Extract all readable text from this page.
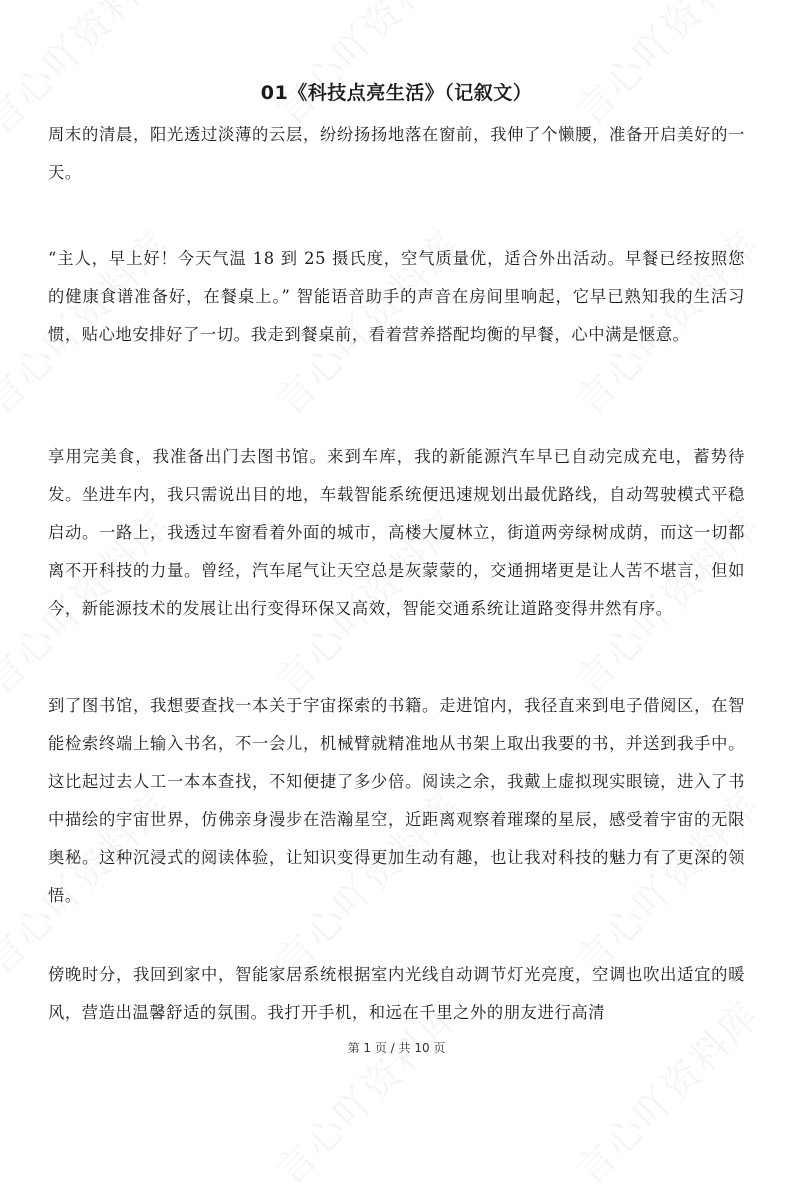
01《科技点亮生活》（记叙文）

周末的清晨，阳光透过淡薄的云层，纷纷扬扬地落在窗前，我伸了个懒腰，准备开启美好的一天。

“主人，早上好！今天气温 18 到 25 摄氏度，空气质量优，适合外出活动。早餐已经按照您的健康食谱准备好，在餐桌上。” 智能语音助手的声音在房间里响起，它早已熟知我的生活习惯，贴心地安排好了一切。我走到餐桌前，看着营养搭配均衡的早餐，心中满是惬意。

享用完美食，我准备出门去图书馆。来到车库，我的新能源汽车早已自动完成充电，蓄势待发。坐进车内，我只需说出目的地，车载智能系统便迅速规划出最优路线，自动驾驶模式平稳启动。一路上，我透过车窗看着外面的城市，高楼大厦林立，街道两旁绿树成荫，而这一切都离不开科技的力量。曾经，汽车尾气让天空总是灰蒙蒙的，交通拥堵更是让人苦不堪言，但如今，新能源技术的发展让出行变得环保又高效，智能交通系统让道路变得井然有序。

到了图书馆，我想要查找一本关于宇宙探索的书籍。走进馆内，我径直来到电子借阅区，在智能检索终端上输入书名，不一会儿，机械臂就精准地从书架上取出我要的书，并送到我手中。这比起过去人工一本本查找，不知便捷了多少倍。阅读之余，我戴上虚拟现实眼镜，进入了书中描绘的宇宙世界，仿佛亲身漫步在浩瀚星空，近距离观察着璀璨的星辰，感受着宇宙的无限奥秘。这种沉浸式的阅读体验，让知识变得更加生动有趣，也让我对科技的魅力有了更深的领悟。

傍晚时分，我回到家中，智能家居系统根据室内光线自动调节灯光亮度，空调也吹出适宜的暖风，营造出温馨舒适的氛围。我打开手机，和远在千里之外的朋友进行高清

第 1 页 / 共 10 页
